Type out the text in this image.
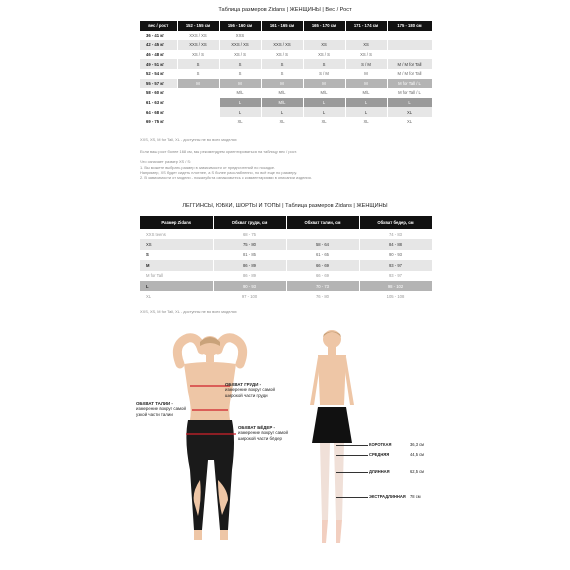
Таблица размеров Zidans | ЖЕНЩИНЫ | Вес / Рост
вес / рост	152 - 155 см	156 - 160 см	161 - 165 см	165 - 170 см	171 - 174 см	175 - 180 см
36 - 41 кг	XXS / XS	XXS				
42 - 45 кг	XXS / XS	XXS / XS	XXS / XS	XS	XS	
46 - 48 кг	XS / S	XS / S	XS / S	XS / S	XS / S	
49 - 51 кг	S	S	S	S	S / M	M / M for Tall
52 - 54 кг	S	S	S	S / M	M	M / M for Tall
55 - 57 кг	M	M	M	M	M	M for Tall / L
58 - 60 кг		M/L	M/L	M/L	M/L	M for Tall / L
61 - 63 кг		L	M/L	L	L	L
64 - 68 кг		L	L	L	L	XL
69 - 75 кг		XL	XL	XL	XL	XL
XXS, XS, M for Tall, XL - доступны не во всех моделях
Если ваш рост более 168 см, мы рекомендуем ориентироваться на таблицу вес / рост.
Что означает размер XS / S:
1. Вы можете выбрать размер в зависимости от предпочтений по посадке.
Например, XS будет сидеть плотнее, а S более расслабленно, но всё еще по размеру.
2. В зависимости от модели - пожалуйста ознакомьтесь с комментариями в описании изделия.
ЛЕГГИНСЫ, ЮБКИ, ШОРТЫ И ТОПЫ | Таблица размеров Zidans | ЖЕНЩИНЫ
Размер Zidans	Обхват груди, см	Обхват талии, см	Обхват бедер, см
XXS teens	68 - 75		74 - 83
XS	75 - 80	58 - 64	84 - 88
S	81 - 85	61 - 65	90 - 93
M	86 - 89	66 - 69	93 - 97
M for Tall	86 - 89	66 - 69	93 - 97
L	90 - 93	70 - 73	98 - 102
XL	97 - 100	76 - 80	105 - 108
XXS, XS, M for Tall, XL - доступны не во всех моделях
ОБХВАТ ГРУДИ -
измерение вокруг самой
широкой части груди
ОБХВАТ ТАЛИИ -
измерение вокруг самой
узкой части талии
ОБХВАТ БЁДЕР -
измерение вокруг самой
широкой части бёдер
КОРОТКАЯ	36,3 см
СРЕДНЯЯ	44,5 см
ДЛИННАЯ	62,5 см
ЭКСТРАДЛИННАЯ 78 см
